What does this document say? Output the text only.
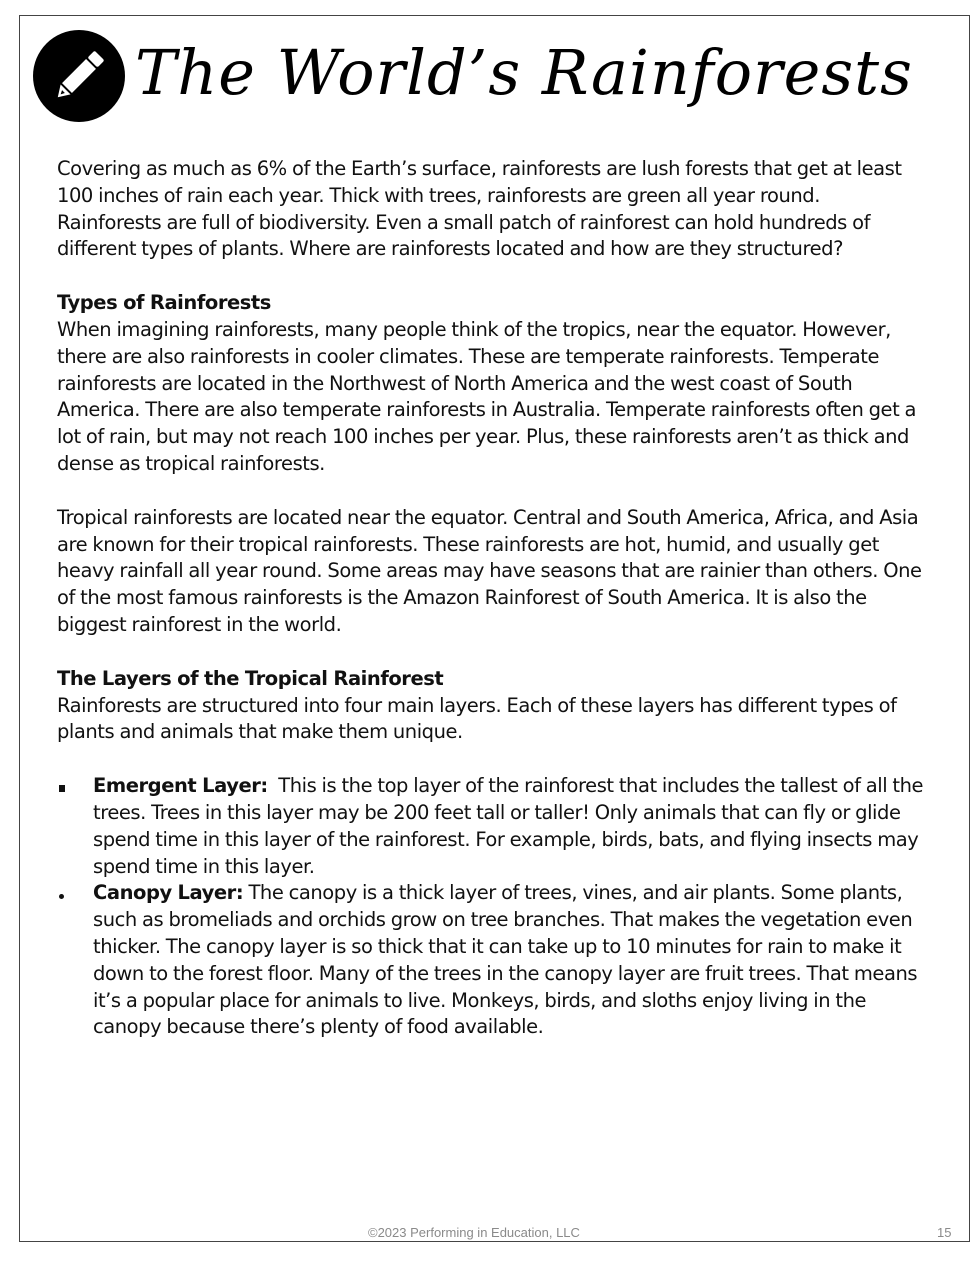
The World’s Rainforests

Covering as much as 6% of the Earth’s surface, rainforests are lush forests that get at least 100 inches of rain each year. Thick with trees, rainforests are green all year round. Rainforests are full of biodiversity. Even a small patch of rainforest can hold hundreds of different types of plants. Where are rainforests located and how are they structured?

Types of Rainforests

When imagining rainforests, many people think of the tropics, near the equator. However, there are also rainforests in cooler climates. These are temperate rainforests. Temperate rainforests are located in the Northwest of North America and the west coast of South America. There are also temperate rainforests in Australia. Temperate rainforests often get a lot of rain, but may not reach 100 inches per year. Plus, these rainforests aren’t as thick and dense as tropical rainforests.

Tropical rainforests are located near the equator. Central and South America, Africa, and Asia are known for their tropical rainforests. These rainforests are hot, humid, and usually get heavy rainfall all year round. Some areas may have seasons that are rainier than others. One of the most famous rainforests is the Amazon Rainforest of South America. It is also the biggest rainforest in the world.

The Layers of the Tropical Rainforest

Rainforests are structured into four main layers. Each of these layers has different types of plants and animals that make them unique.

Emergent Layer:  This is the top layer of the rainforest that includes the tallest of all the trees. Trees in this layer may be 200 feet tall or taller! Only animals that can fly or glide spend time in this layer of the rainforest. For example, birds, bats, and flying insects may spend time in this layer.
Canopy Layer: The canopy is a thick layer of trees, vines, and air plants. Some plants, such as bromeliads and orchids grow on tree branches. That makes the vegetation even thicker. The canopy layer is so thick that it can take up to 10 minutes for rain to make it down to the forest floor. Many of the trees in the canopy layer are fruit trees. That means it’s a popular place for animals to live. Monkeys, birds, and sloths enjoy living in the canopy because there’s plenty of food available.
©2023 Performing in Education, LLC	15
